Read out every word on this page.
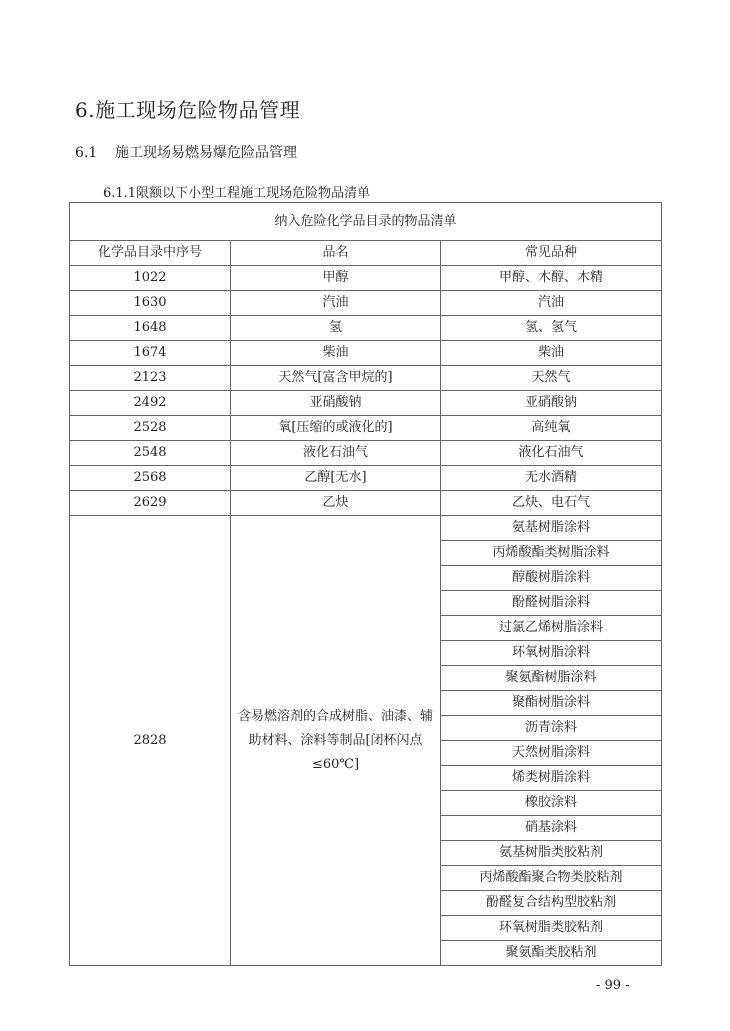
6.施工现场危险物品管理
6.1 施工现场易燃易爆危险品管理
6.1.1限额以下小型工程施工现场危险物品清单
纳入危险化学品目录的物品清单		
化学品目录中序号	品名	常见品种
1022	甲醇	甲醇、木醇、木精
1630	汽油	汽油
1648	氢	氢、氢气
1674	柴油	柴油
2123	天然气[富含甲烷的]	天然气
2492	亚硝酸钠	亚硝酸钠
2528	氧[压缩的或液化的]	高纯氧
2548	液化石油气	液化石油气
2568	乙醇[无水]	无水酒精
2629	乙炔	乙炔、电石气
2828	含易燃溶剂的合成树脂、油漆、辅助材料、涂料等制品[闭杯闪点≤60℃]	氨基树脂涂料
		丙烯酸酯类树脂涂料
		醇酸树脂涂料
		酚醛树脂涂料
		过氯乙烯树脂涂料
		环氧树脂涂料
		聚氨酯树脂涂料
		聚酯树脂涂料
		沥青涂料
		天然树脂涂料
		烯类树脂涂料
		橡胶涂料
		硝基涂料
		氨基树脂类胶粘剂
		丙烯酸酯聚合物类胶粘剂
		酚醛复合结构型胶粘剂
		环氧树脂类胶粘剂
		聚氨酯类胶粘剂
- 99 -
